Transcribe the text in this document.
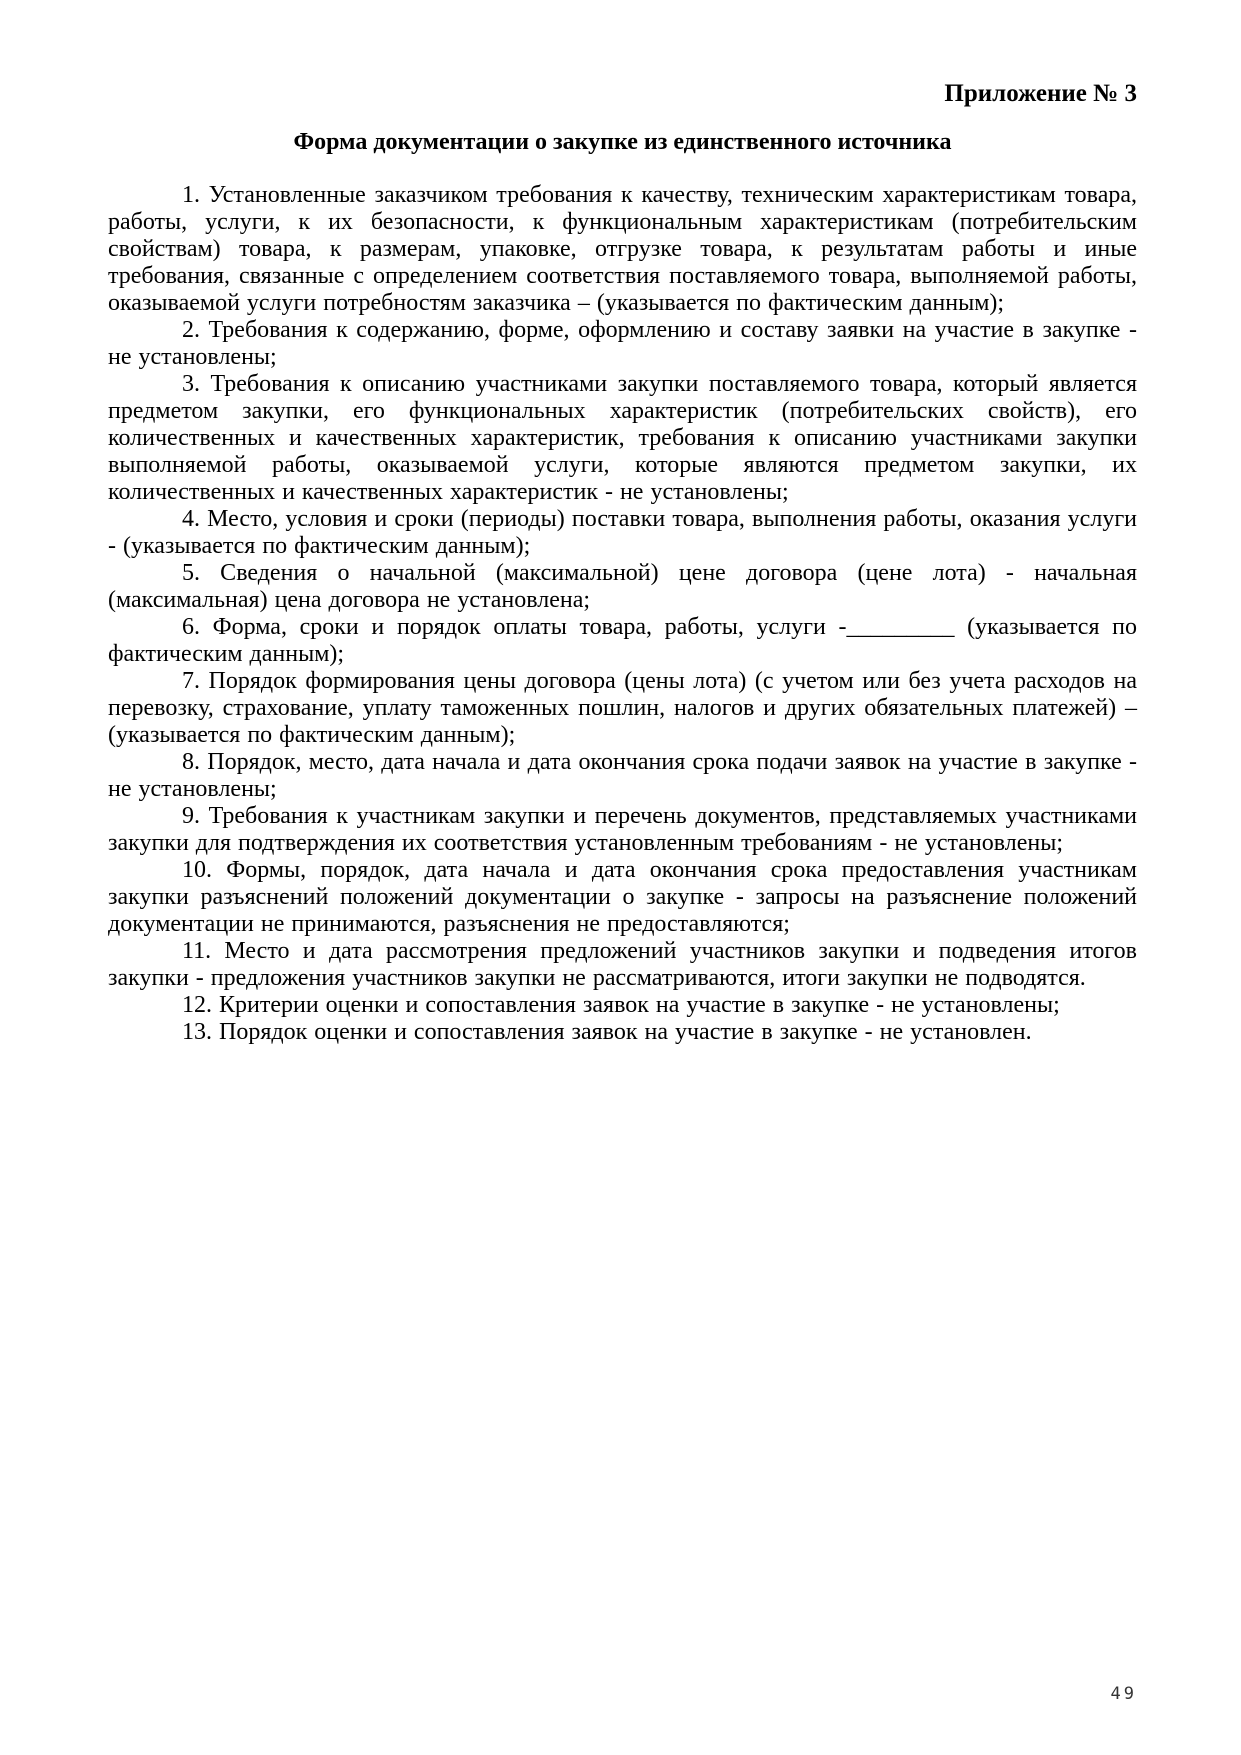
Приложение № 3
Форма документации о закупке из единственного источника

1. Установленные заказчиком требования к качеству, техническим характеристикам товара, работы, услуги, к их безопасности, к функциональным характеристикам (потребительским свойствам) товара, к размерам, упаковке, отгрузке товара, к результатам работы и иные требования, связанные с определением соответствия поставляемого товара, выполняемой работы, оказываемой услуги потребностям заказчика – (указывается по фактическим данным);

2. Требования к содержанию, форме, оформлению и составу заявки на участие в закупке - не установлены;

3. Требования к описанию участниками закупки поставляемого товара, который является предметом закупки, его функциональных характеристик (потребительских свойств), его количественных и качественных характеристик, требования к описанию участниками закупки выполняемой работы, оказываемой услуги, которые являются предметом закупки, их количественных и качественных характеристик - не установлены;

4. Место, условия и сроки (периоды) поставки товара, выполнения работы, оказания услуги - (указывается по фактическим данным);

5. Сведения о начальной (максимальной) цене договора (цене лота) - начальная (максимальная) цена договора не установлена;

6. Форма, сроки и порядок оплаты товара, работы, услуги -_________ (указывается по фактическим данным);

7. Порядок формирования цены договора (цены лота) (с учетом или без учета расходов на перевозку, страхование, уплату таможенных пошлин, налогов и других обязательных платежей) – (указывается по фактическим данным);

8. Порядок, место, дата начала и дата окончания срока подачи заявок на участие в закупке - не установлены;

9. Требования к участникам закупки и перечень документов, представляемых участниками закупки для подтверждения их соответствия установленным требованиям - не установлены;

10. Формы, порядок, дата начала и дата окончания срока предоставления участникам закупки разъяснений положений документации о закупке - запросы на разъяснение положений документации не принимаются, разъяснения не предоставляются;

11. Место и дата рассмотрения предложений участников закупки и подведения итогов закупки - предложения участников закупки не рассматриваются, итоги закупки не подводятся.

12. Критерии оценки и сопоставления заявок на участие в закупке - не установлены;

13. Порядок оценки и сопоставления заявок на участие в закупке - не установлен.

49
